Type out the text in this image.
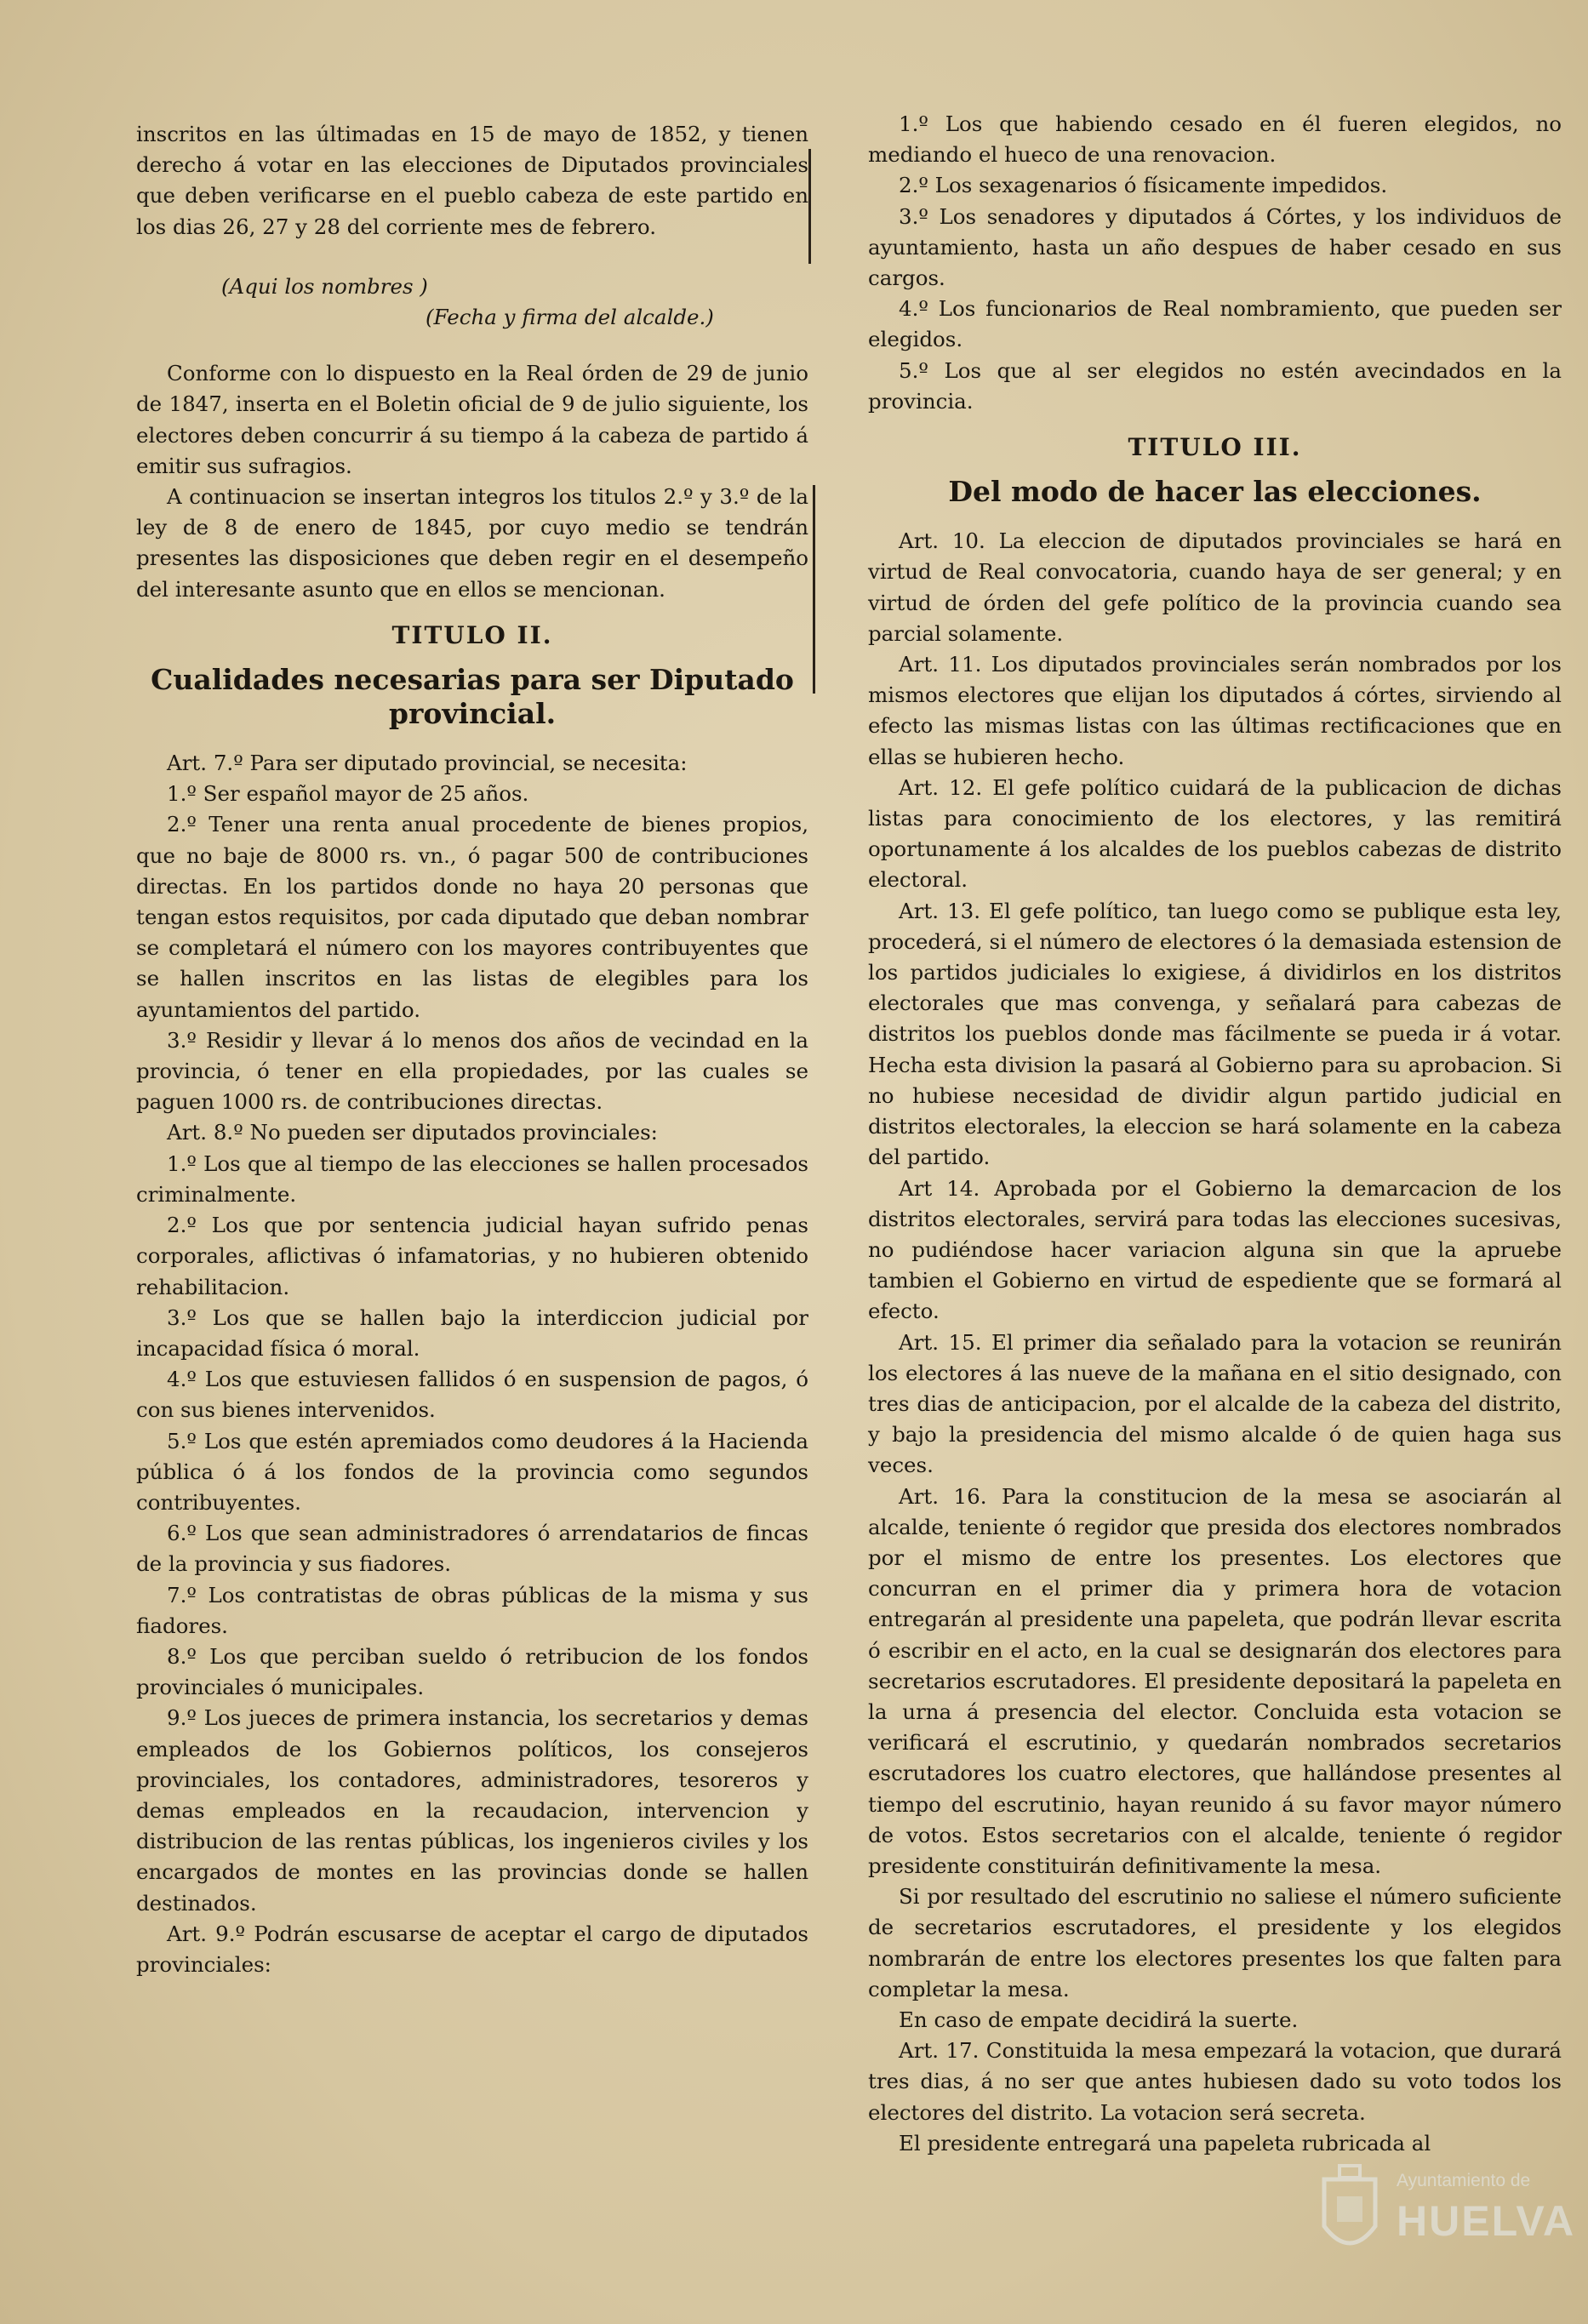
inscritos en las últimadas en 15 de mayo de 1852, y tienen derecho á votar en las elecciones de Diputados provinciales que deben verificarse en el pueblo cabeza de este partido en los dias 26, 27 y 28 del corriente mes de febrero.

(Aqui los nombres )

(Fecha y firma del alcalde.)

Conforme con lo dispuesto en la Real órden de 29 de junio de 1847, inserta en el Boletin oficial de 9 de julio siguiente, los electores deben concurrir á su tiempo á la cabeza de partido á emitir sus sufragios.

A continuacion se insertan integros los titulos 2.º y 3.º de la ley de 8 de enero de 1845, por cuyo medio se tendrán presentes las disposiciones que deben regir en el desempeño del interesante asunto que en ellos se mencionan.

TITULO II.
Cualidades necesarias para ser Diputado provincial.

Art. 7.º Para ser diputado provincial, se necesita:

1.º Ser español mayor de 25 años.

2.º Tener una renta anual procedente de bienes propios, que no baje de 8000 rs. vn., ó pagar 500 de contribuciones directas. En los partidos donde no haya 20 personas que tengan estos requisitos, por cada diputado que deban nombrar se completará el número con los mayores contribuyentes que se hallen inscritos en las listas de elegibles para los ayuntamientos del partido.

3.º Residir y llevar á lo menos dos años de vecindad en la provincia, ó tener en ella propiedades, por las cuales se paguen 1000 rs. de contribuciones directas.

Art. 8.º No pueden ser diputados provinciales:

1.º Los que al tiempo de las elecciones se hallen procesados criminalmente.

2.º Los que por sentencia judicial hayan sufrido penas corporales, aflictivas ó infamatorias, y no hubieren obtenido rehabilitacion.

3.º Los que se hallen bajo la interdiccion judicial por incapacidad física ó moral.

4.º Los que estuviesen fallidos ó en suspension de pagos, ó con sus bienes intervenidos.

5.º Los que estén apremiados como deudores á la Hacienda pública ó á los fondos de la provincia como segundos contribuyentes.

6.º Los que sean administradores ó arrendatarios de fincas de la provincia y sus fiadores.

7.º Los contratistas de obras públicas de la misma y sus fiadores.

8.º Los que perciban sueldo ó retribucion de los fondos provinciales ó municipales.

9.º Los jueces de primera instancia, los secretarios y demas empleados de los Gobiernos políticos, los consejeros provinciales, los contadores, administradores, tesoreros y demas empleados en la recaudacion, intervencion y distribucion de las rentas públicas, los ingenieros civiles y los encargados de montes en las provincias donde se hallen destinados.

Art. 9.º Podrán escusarse de aceptar el cargo de diputados provinciales:

1.º Los que habiendo cesado en él fueren elegidos, no mediando el hueco de una renovacion.

2.º Los sexagenarios ó físicamente impedidos.

3.º Los senadores y diputados á Córtes, y los individuos de ayuntamiento, hasta un año despues de haber cesado en sus cargos.

4.º Los funcionarios de Real nombramiento, que pueden ser elegidos.

5.º Los que al ser elegidos no estén avecindados en la provincia.

TITULO III.
Del modo de hacer las elecciones.

Art. 10. La eleccion de diputados provinciales se hará en virtud de Real convocatoria, cuando haya de ser general; y en virtud de órden del gefe político de la provincia cuando sea parcial solamente.

Art. 11. Los diputados provinciales serán nombrados por los mismos electores que elijan los diputados á córtes, sirviendo al efecto las mismas listas con las últimas rectificaciones que en ellas se hubieren hecho.

Art. 12. El gefe político cuidará de la publicacion de dichas listas para conocimiento de los electores, y las remitirá oportunamente á los alcaldes de los pueblos cabezas de distrito electoral.

Art. 13. El gefe político, tan luego como se publique esta ley, procederá, si el número de electores ó la demasiada estension de los partidos judiciales lo exigiese, á dividirlos en los distritos electorales que mas convenga, y señalará para cabezas de distritos los pueblos donde mas fácilmente se pueda ir á votar. Hecha esta division la pasará al Gobierno para su aprobacion. Si no hubiese necesidad de dividir algun partido judicial en distritos electorales, la eleccion se hará solamente en la cabeza del partido.

Art 14. Aprobada por el Gobierno la demarcacion de los distritos electorales, servirá para todas las elecciones sucesivas, no pudiéndose hacer variacion alguna sin que la apruebe tambien el Gobierno en virtud de espediente que se formará al efecto.

Art. 15. El primer dia señalado para la votacion se reunirán los electores á las nueve de la mañana en el sitio designado, con tres dias de anticipacion, por el alcalde de la cabeza del distrito, y bajo la presidencia del mismo alcalde ó de quien haga sus veces.

Art. 16. Para la constitucion de la mesa se asociarán al alcalde, teniente ó regidor que presida dos electores nombrados por el mismo de entre los presentes. Los electores que concurran en el primer dia y primera hora de votacion entregarán al presidente una papeleta, que podrán llevar escrita ó escribir en el acto, en la cual se designarán dos electores para secretarios escrutadores. El presidente depositará la papeleta en la urna á presencia del elector. Concluida esta votacion se verificará el escrutinio, y quedarán nombrados secretarios escrutadores los cuatro electores, que hallándose presentes al tiempo del escrutinio, hayan reunido á su favor mayor número de votos. Estos secretarios con el alcalde, teniente ó regidor presidente constituirán definitivamente la mesa.

Si por resultado del escrutinio no saliese el número suficiente de secretarios escrutadores, el presidente y los elegidos nombrarán de entre los electores presentes los que falten para completar la mesa.

En caso de empate decidirá la suerte.

Art. 17. Constituida la mesa empezará la votacion, que durará tres dias, á no ser que antes hubiesen dado su voto todos los electores del distrito. La votacion será secreta.

El presidente entregará una papeleta rubricada al

Ayuntamiento de
HUELVA
